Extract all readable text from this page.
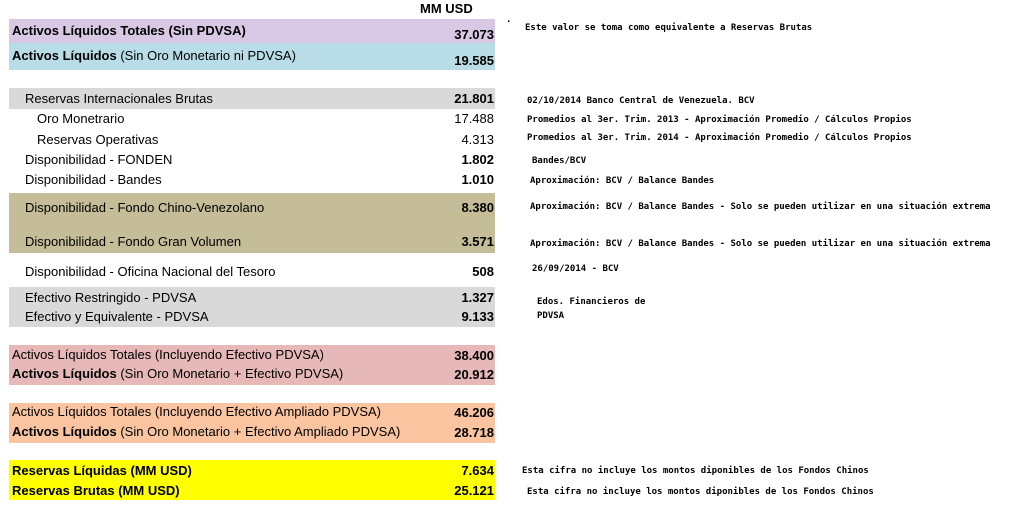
MM USD
Activos Líquidos Totales (Sin PDVSA)	37.073
Activos Líquidos (Sin Oro Monetario ni PDVSA)	19.585
Reservas Internacionales Brutas	21.801
Oro Monetrario	17.488
Reservas Operativas	4.313
Disponibilidad - FONDEN	1.802
Disponibilidad - Bandes	1.010
Disponibilidad - Fondo Chino-Venezolano	8.380
Disponibilidad - Fondo Gran Volumen	3.571
Disponibilidad - Oficina Nacional del Tesoro	508
Efectivo Restringido - PDVSA	1.327
Efectivo y Equivalente - PDVSA	9.133
Activos Líquidos Totales (Incluyendo Efectivo PDVSA)	38.400
Activos Líquidos (Sin Oro Monetario + Efectivo PDVSA)	20.912
Activos Líquidos Totales (Incluyendo Efectivo Ampliado PDVSA)	46.206
Activos Líquidos (Sin Oro Monetario + Efectivo Ampliado PDVSA)	28.718
Reservas Líquidas (MM USD)	7.634
Reservas Brutas (MM USD)	25.121
.
Este valor se toma como equivalente a Reservas Brutas
02/10/2014 Banco Central de Venezuela. BCV
Promedios al 3er. Trim. 2013 - Aproximación Promedio / Cálculos Propios
Promedios al 3er. Trim. 2014 - Aproximación Promedio / Cálculos Propios
Bandes/BCV
Aproximación: BCV / Balance Bandes
Aproximación: BCV / Balance Bandes - Solo se pueden utilizar en una situación extrema
Aproximación: BCV / Balance Bandes - Solo se pueden utilizar en una situación extrema
26/09/2014 - BCV
Edos. Financieros de
PDVSA
Esta cifra no incluye los montos diponibles de los Fondos Chinos
Esta cifra no incluye los montos diponibles de los Fondos Chinos
